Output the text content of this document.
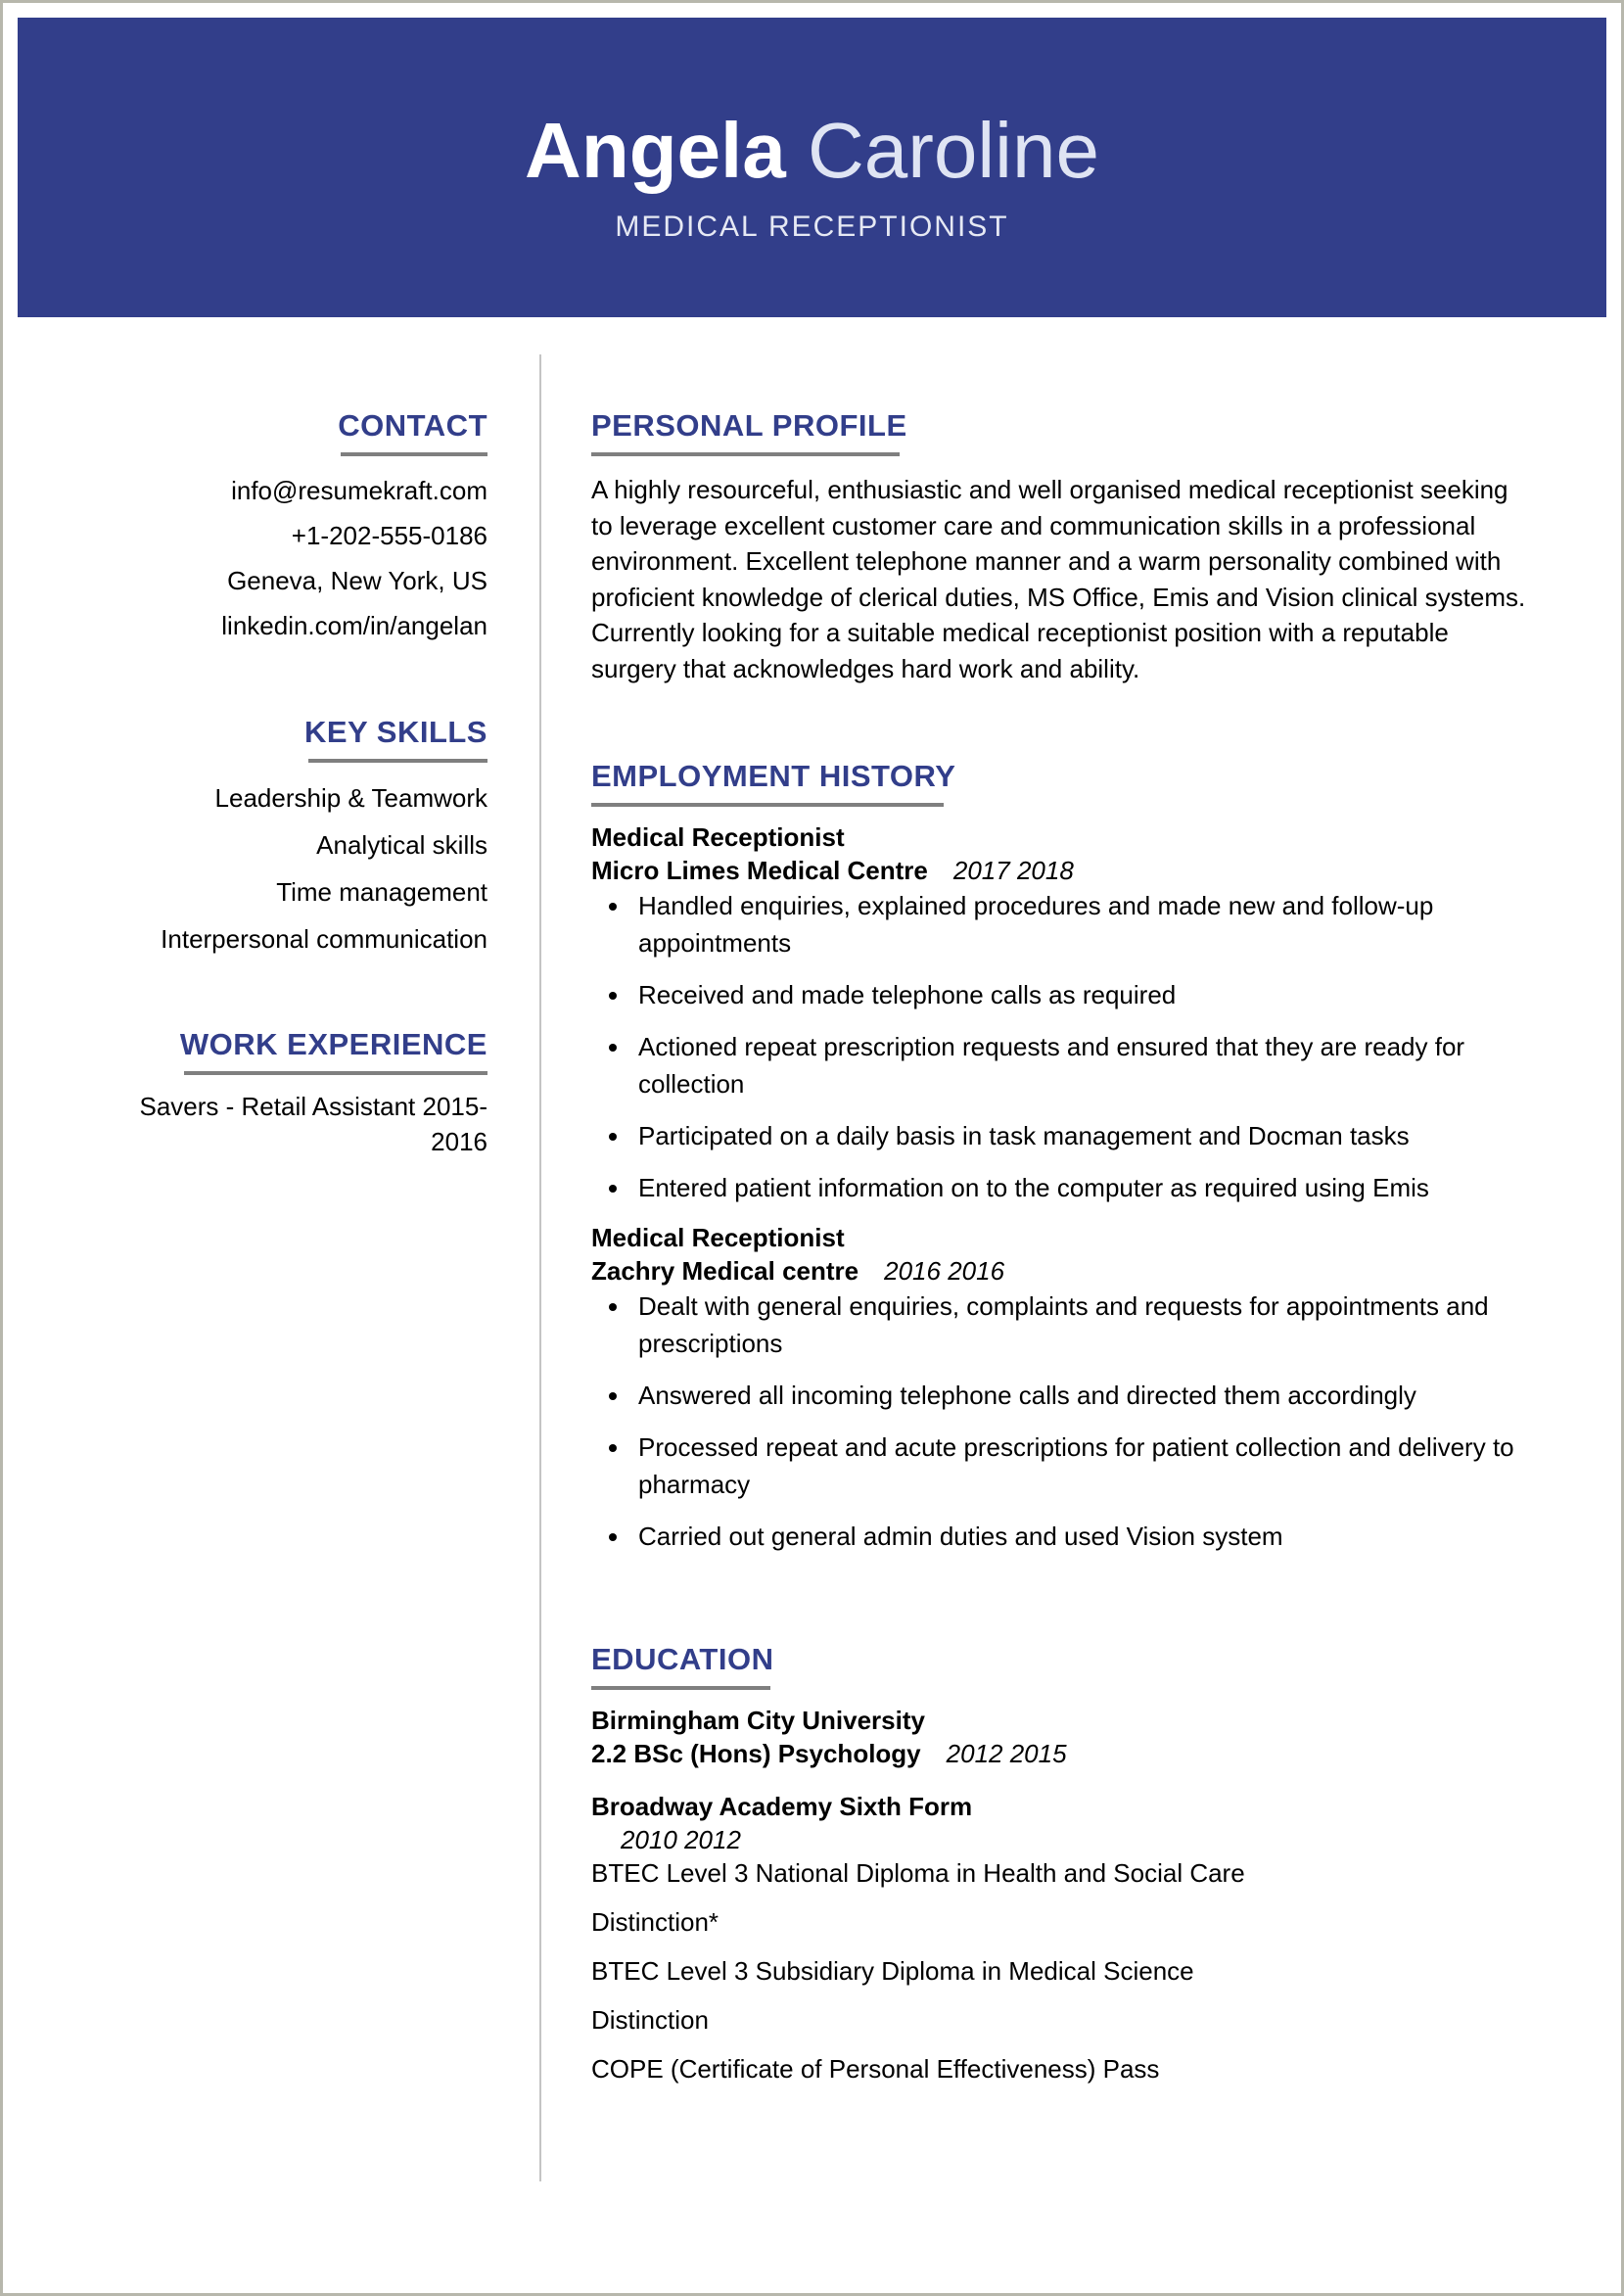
Angela Caroline
MEDICAL RECEPTIONIST
CONTACT
info@resumekraft.com
+1-202-555-0186
Geneva, New York, US
linkedin.com/in/angelan
KEY SKILLS
Leadership & Teamwork
Analytical skills
Time management
Interpersonal communication
WORK EXPERIENCE
Savers - Retail Assistant 2015-2016
PERSONAL PROFILE

A highly resourceful, enthusiastic and well organised medical receptionist seeking to leverage excellent customer care and communication skills in a professional environment. Excellent telephone manner and a warm personality combined with proficient knowledge of clerical duties, MS Office, Emis and Vision clinical systems. Currently looking for a suitable medical receptionist position with a reputable surgery that acknowledges hard work and ability.

EMPLOYMENT HISTORY
Medical Receptionist
Micro Limes Medical Centre 2017 2018
Handled enquiries, explained procedures and made new and follow-up appointments
Received and made telephone calls as required
Actioned repeat prescription requests and ensured that they are ready for collection
Participated on a daily basis in task management and Docman tasks
Entered patient information on to the computer as required using Emis
Medical Receptionist
Zachry Medical centre 2016 2016
Dealt with general enquiries, complaints and requests for appointments and prescriptions
Answered all incoming telephone calls and directed them accordingly
Processed repeat and acute prescriptions for patient collection and delivery to pharmacy
Carried out general admin duties and used Vision system
EDUCATION
Birmingham City University
2.2 BSc (Hons) Psychology 2012 2015
Broadway Academy Sixth Form
2010 2012
BTEC Level 3 National Diploma in Health and Social Care
Distinction*
BTEC Level 3 Subsidiary Diploma in Medical Science
Distinction
COPE (Certificate of Personal Effectiveness) Pass
